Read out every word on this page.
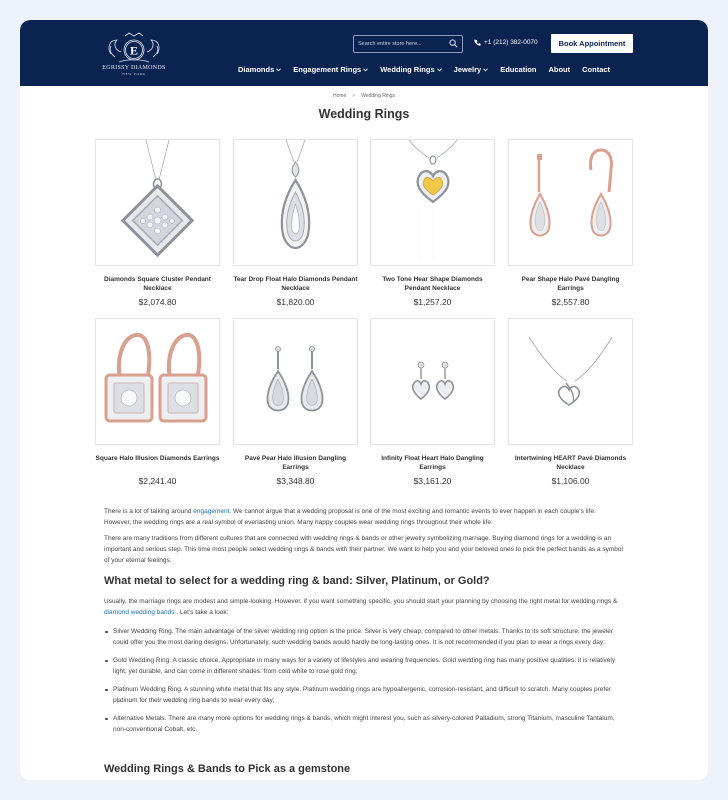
E
EGRISSY DIAMONDS
NEW YORK
Search entire store here...
+1 (212) 382-0070	Book Appointment
Diamonds	Engagement Rings	Wedding Rings	Jewelry	Education About Contact
Home > Wedding Rings
Wedding Rings
Diamonds Square Cluster Pendant Necklace
$2,074.80
Tear Drop Float Halo Diamonds Pendant Necklace
$1,820.00
Two Tone Hear Shape Diamonds Pendant Necklace
$1,257.20
Pear Shape Halo Pavé Dangling Earrings
$2,557.80
Square Halo Illusion Diamonds Earrings
$2,241.40
Pavé Pear Halo Illusion Dangling Earrings
$3,348.80
Infinity Float Heart Halo Dangling Earrings
$3,161.20
Intertwining HEART Pavé Diamonds Necklace
$1,106.00

There is a lot of talking around engagement. We cannot argue that a wedding proposal is one of the most exciting and romantic events to ever happen in each couple's life. However, the wedding rings are a real symbol of everlasting union. Many happy couples wear wedding rings throughout their whole life.

There are many traditions from different cultures that are connected with wedding rings & bands or other jewelry symbolizing marriage. Buying diamond rings for a wedding is an important and serious step. This time most people select wedding rings & bands with their partner. We want to help you and your beloved ones to pick the perfect bands as a symbol of your eternal feelings.

What metal to select for a wedding ring & band: Silver, Platinum, or Gold?

Usually, the marriage rings are modest and simple-looking. However, if you want something specific, you should start your planning by choosing the right metal for wedding rings & diamond wedding bands . Let's take a look:

Silver Wedding Ring. The main advantage of the silver wedding ring option is the price. Silver is very cheap, compared to other metals. Thanks to its soft structure, the jeweler could offer you the most daring designs. Unfortunately, such wedding bands would hardly be long-lasting ones. It is not recommended if you plan to wear a rings every day;
Gold Wedding Ring. A classic choice. Appropriate in many ways for a variety of lifestyles and wearing frequencies. Gold wedding ring has many positive qualities: it is relatively light, yet durable, and can come in different shades: from cold white to rose gold ring;
Platinum Wedding Ring. A stunning white metal that fits any style. Platinum wedding rings are hypoallergenic, corrosion-resistant, and difficult to scratch. Many couples prefer platinum for their wedding ring bands to wear every day;
Alternative Metals. There are many more options for wedding rings & bands, which might interest you, such as silvery-colored Palladium, strong Titanium, masculine Tantalum, non-conventional Cobalt, etc.
Wedding Rings & Bands to Pick as a gemstone
